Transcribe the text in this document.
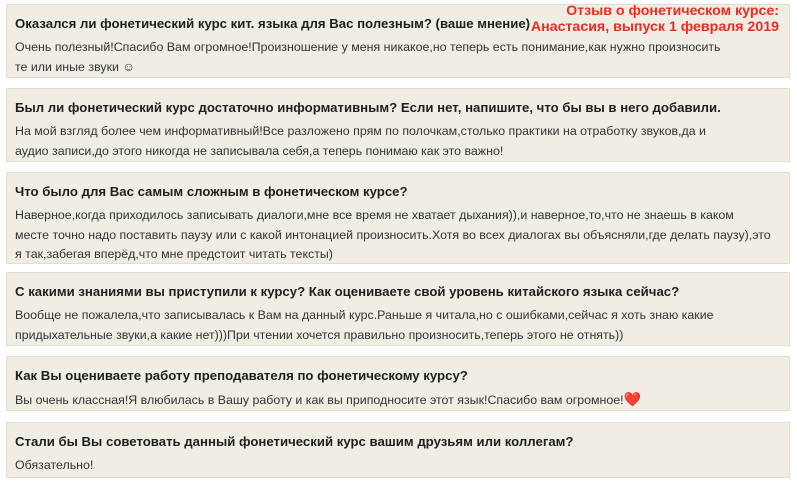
Оказался ли фонетический курс кит. языка для Вас полезным? (ваше мнение)

Очень полезный!Спасибо Вам огромное!Произношение у меня никакое,но теперь есть понимание,как нужно произносить те или иные звуки ☺

Был ли фонетический курс достаточно информативным? Если нет, напишите, что бы вы в него добавили.

На мой взгляд более чем информативный!Все разложено прям по полочкам,столько практики на отработку звуков,да и аудио записи,до этого никогда не записывала себя,а теперь понимаю как это важно!

Что было для Вас самым сложным в фонетическом курсе?

Наверное,когда приходилось записывать диалоги,мне все время не хватает дыхания)),и наверное,то,что не знаешь в каком месте точно надо поставить паузу или с какой интонацией произносить.Хотя во всех диалогах вы объясняли,где делать паузу),это я так,забегая вперёд,что мне предстоит читать тексты)

С какими знаниями вы приступили к курсу? Как оцениваете свой уровень китайского языка сейчас?

Вообще не пожалела,что записывалась к Вам на данный курс.Раньше я читала,но с ошибками,сейчас я хоть знаю какие придыхательные звуки,а какие нет)))При чтении хочется правильно произносить,теперь этого не отнять))

Как Вы оцениваете работу преподавателя по фонетическому курсу?

Вы очень классная!Я влюбилась в Вашу работу и как вы приподносите этот язык!Спасибо вам огромное!❤️

Стали бы Вы советовать данный фонетический курс вашим друзьям или коллегам?

Обязательно!

Отзыв о фонетическом курсе:
Анастасия, выпуск 1 февраля 2019
